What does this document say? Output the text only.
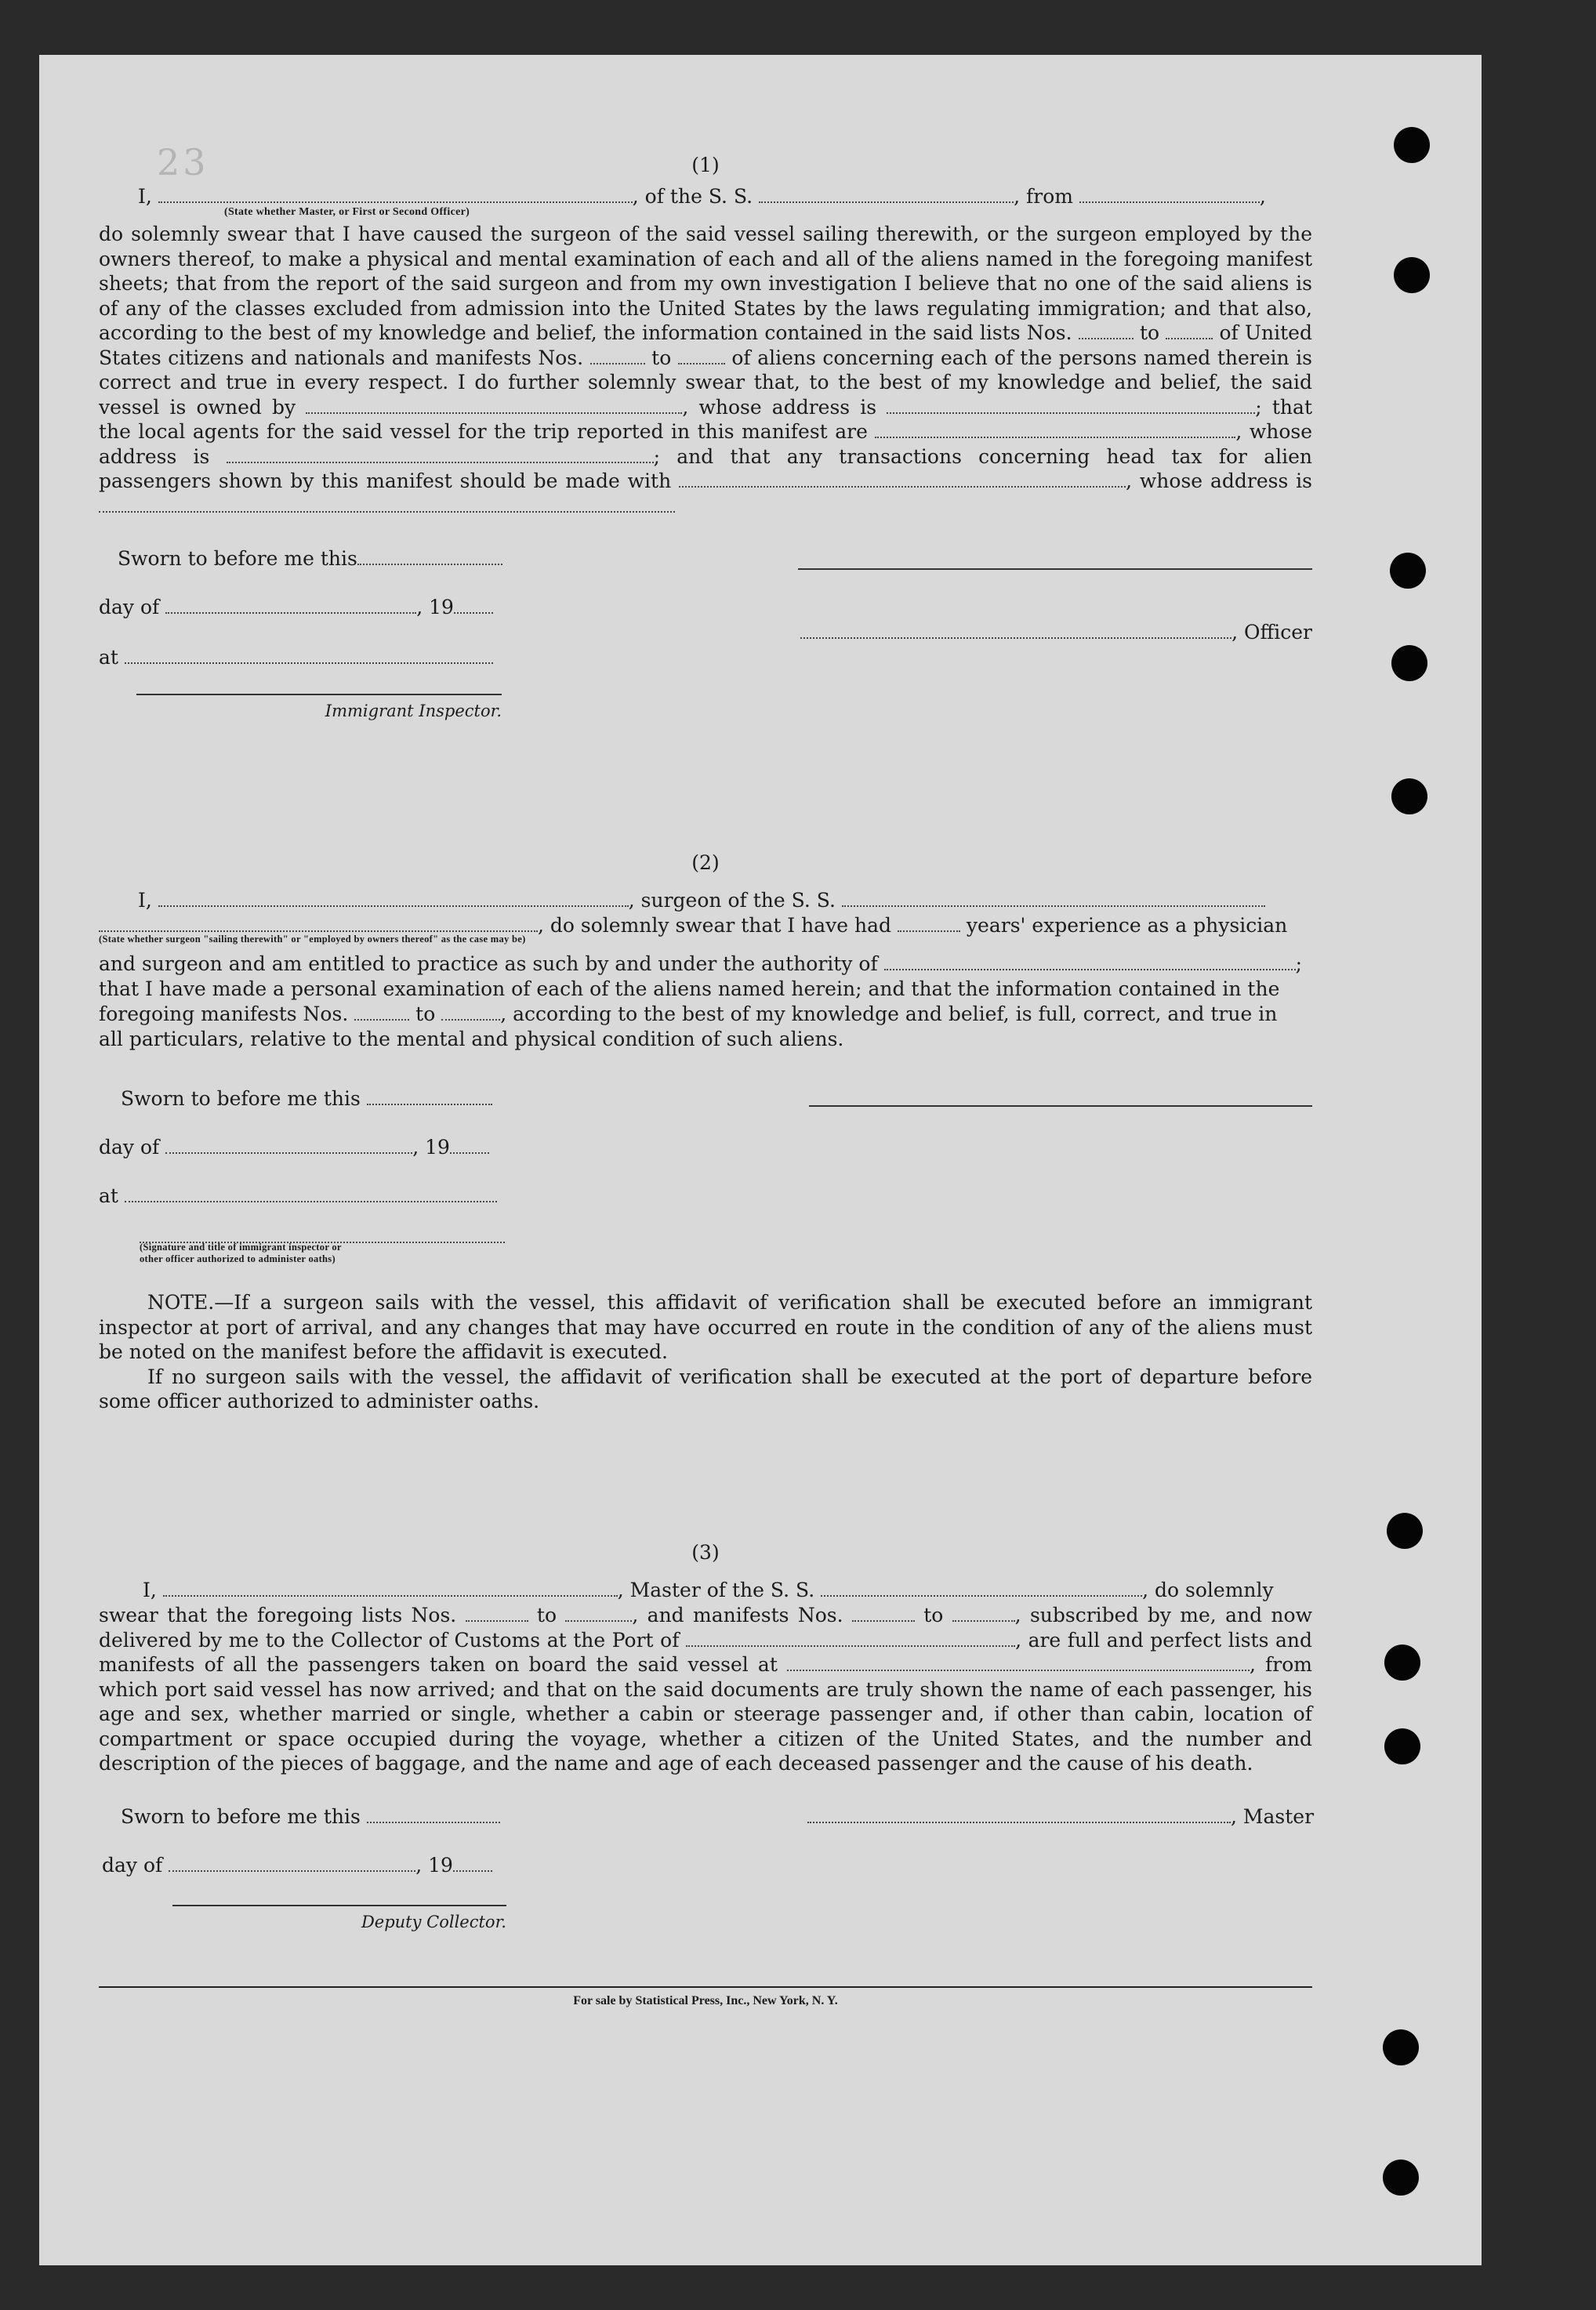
23	(1)

I,	, of the S. S.	, from	,

(State whether Master, or First or Second Officer)

do solemnly swear that I have caused the surgeon of the said vessel sailing therewith, or the surgeon employed by the owners thereof, to make a physical and mental examination of each and all of the aliens named in the foregoing manifest sheets; that from the report of the said surgeon and from my own investigation I believe that no one of the said aliens is of any of the classes excluded from admission into the United States by the laws regulating immigration; and that also, according to the best of my knowledge and belief, the information contained in the said lists Nos.	to	of United States citizens and nationals and manifests Nos.	to	of aliens concerning each of the persons named therein is correct and true in every respect. I do further solemnly swear that, to the best of my knowledge and belief, the said vessel is owned by	, whose address is	; that the local agents for the said vessel for the trip reported in this manifest are	, whose address is	; and that any transactions concerning head tax for alien passengers shown by this manifest should be made with	, whose address is

Sworn to before me this

day of	, 19

, Officer

at

Immigrant Inspector.

(2)

I,	, surgeon of the S. S.

, do solemnly swear that I have had	years' experience as a physician

(State whether surgeon "sailing therewith" or "employed by owners thereof" as the case may be)

and surgeon and am entitled to practice as such by and under the authority of	;

that I have made a personal examination of each of the aliens named herein; and that the information contained in the

foregoing manifests Nos.	to	, according to the best of my knowledge and belief, is full, correct, and true in

all particulars, relative to the mental and physical condition of such aliens.

Sworn to before me this

day of	, 19

at

(Signature and title of immigrant inspector or
other officer authorized to administer oaths)

NOTE.—If a surgeon sails with the vessel, this affidavit of verification shall be executed before an immigrant inspector at port of arrival, and any changes that may have occurred en route in the condition of any of the aliens must be noted on the manifest before the affidavit is executed.

If no surgeon sails with the vessel, the affidavit of verification shall be executed at the port of departure before some officer authorized to administer oaths.

(3)

I,	, Master of the S. S.	, do solemnly

swear that the foregoing lists Nos.	to	, and manifests Nos.	to	, subscribed by me, and now delivered by me to the Collector of Customs at the Port of	, are full and perfect lists and manifests of all the passengers taken on board the said vessel at	, from which port said vessel has now arrived; and that on the said documents are truly shown the name of each passenger, his age and sex, whether married or single, whether a cabin or steerage passenger and, if other than cabin, location of compartment or space occupied during the voyage, whether a citizen of the United States, and the number and description of the pieces of baggage, and the name and age of each deceased passenger and the cause of his death.

Sworn to before me this	, Master

day of	, 19

Deputy Collector.

For sale by Statistical Press, Inc., New York, N. Y.
